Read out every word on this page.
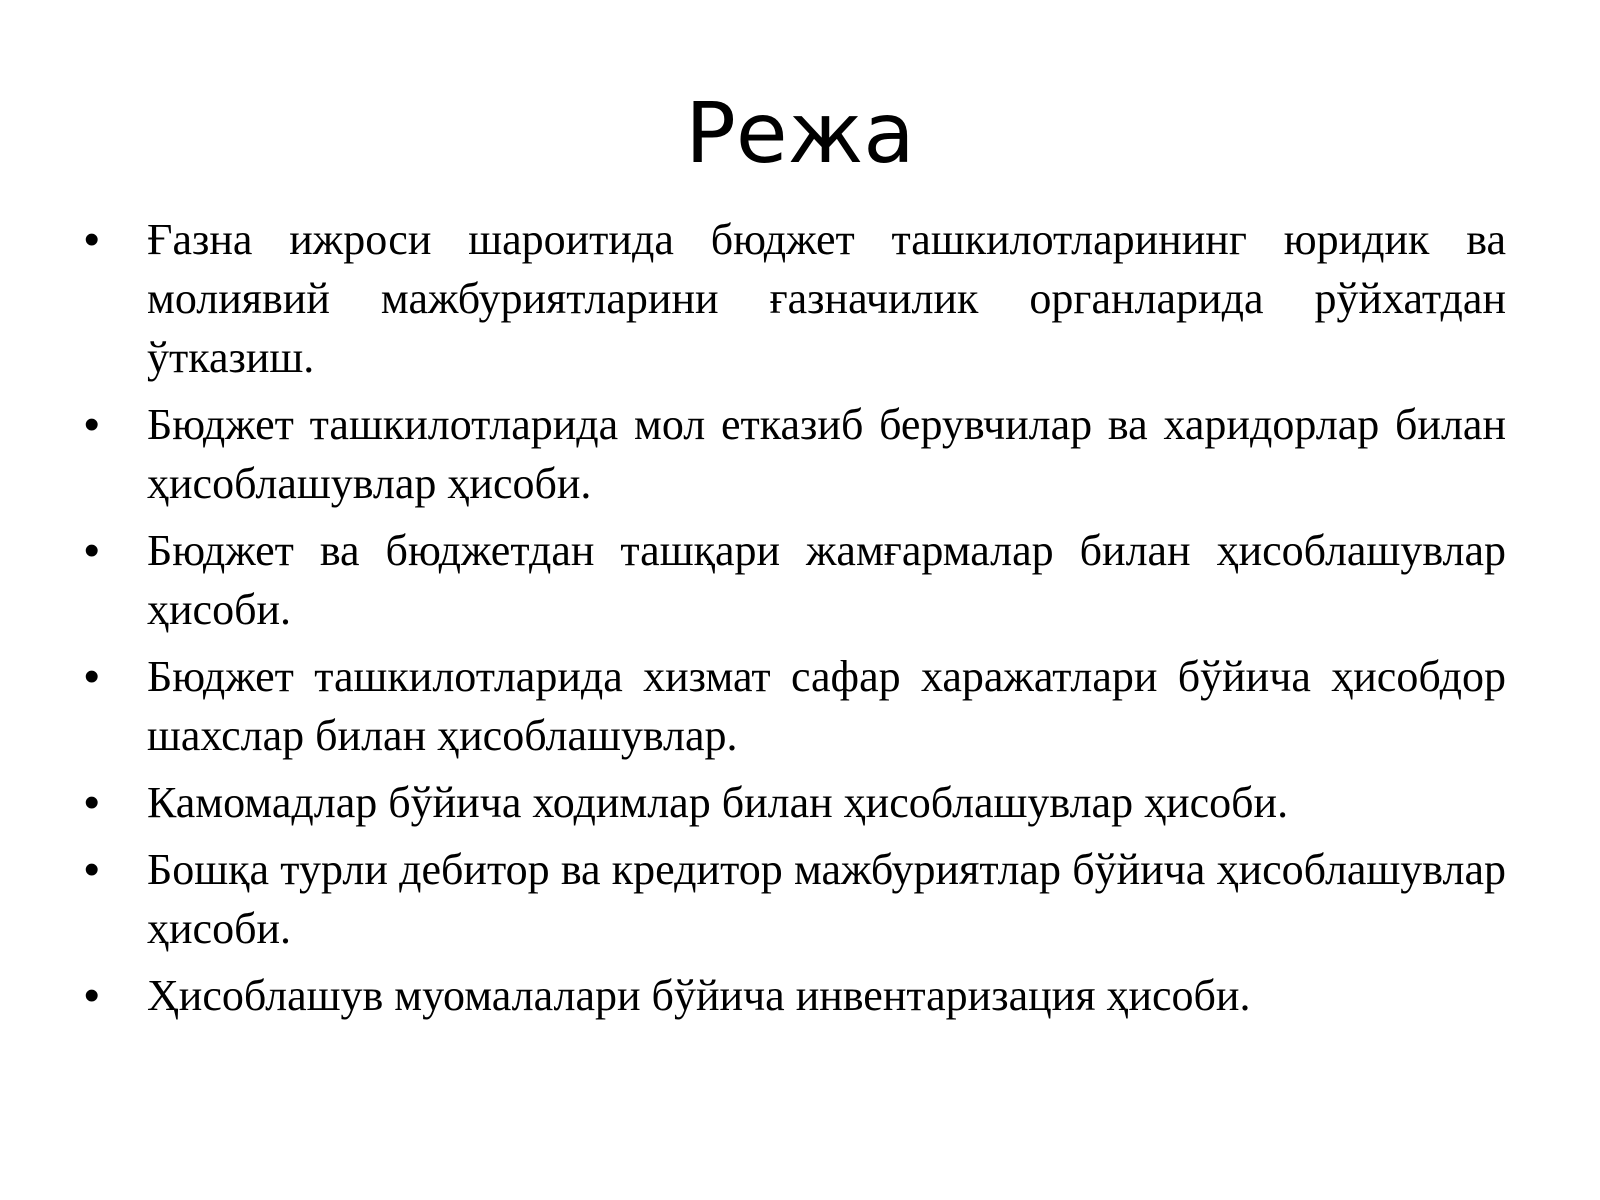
Режа
• Ғазна ижроси шароитида бюджет ташкилотларининг юридик ва молиявий мажбуриятларини ғазначилик органларида рўйхатдан ўтказиш.
• Бюджет ташкилотларида мол етказиб берувчилар ва харидорлар билан ҳисоблашувлар ҳисоби.
• Бюджет ва бюджетдан ташқари жамғармалар билан ҳисоблашувлар ҳисоби.
• Бюджет ташкилотларида хизмат сафар харажатлари бўйича ҳисобдор шахслар билан ҳисоблашувлар.
• Камомадлар бўйича ходимлар билан ҳисоблашувлар ҳисоби.
• Бошқа турли дебитор ва кредитор мажбуриятлар бўйича ҳисоблашувлар ҳисоби.
• Ҳисоблашув муомалалари бўйича инвентаризация ҳисоби.
